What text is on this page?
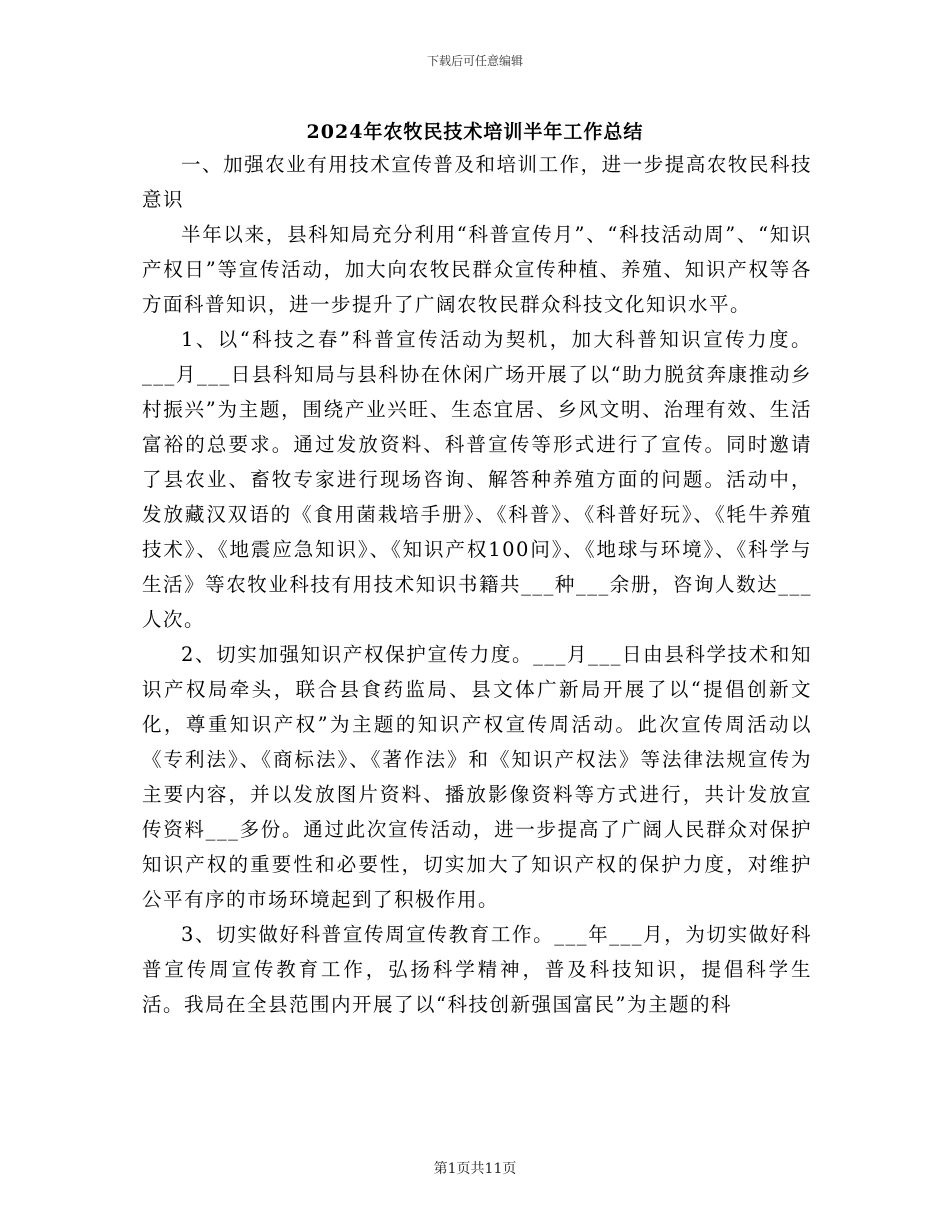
下载后可任意编辑
2024年农牧民技术培训半年工作总结

一、加强农业有用技术宣传普及和培训工作，进一步提高农牧民科技意识

半年以来，县科知局充分利用“科普宣传月”、“科技活动周”、“知识产权日”等宣传活动，加大向农牧民群众宣传种植、养殖、知识产权等各方面科普知识，进一步提升了广阔农牧民群众科技文化知识水平。

1、以“科技之春”科普宣传活动为契机，加大科普知识宣传力度。___月___日县科知局与县科协在休闲广场开展了以“助力脱贫奔康推动乡村振兴”为主题，围绕产业兴旺、生态宜居、乡风文明、治理有效、生活富裕的总要求。通过发放资料、科普宣传等形式进行了宣传。同时邀请了县农业、畜牧专家进行现场咨询、解答种养殖方面的问题。活动中，发放藏汉双语的《食用菌栽培手册》、《科普》、《科普好玩》、《牦牛养殖技术》、《地震应急知识》、《知识产权100问》、《地球与环境》、《科学与生活》等农牧业科技有用技术知识书籍共___种___余册，咨询人数达___人次。

2、切实加强知识产权保护宣传力度。___月___日由县科学技术和知识产权局牵头，联合县食药监局、县文体广新局开展了以“提倡创新文化，尊重知识产权”为主题的知识产权宣传周活动。此次宣传周活动以《专利法》、《商标法》、《著作法》和《知识产权法》等法律法规宣传为主要内容，并以发放图片资料、播放影像资料等方式进行，共计发放宣传资料___多份。通过此次宣传活动，进一步提高了广阔人民群众对保护知识产权的重要性和必要性，切实加大了知识产权的保护力度，对维护公平有序的市场环境起到了积极作用。

3、切实做好科普宣传周宣传教育工作。___年___月，为切实做好科普宣传周宣传教育工作，弘扬科学精神，普及科技知识，提倡科学生活。我局在全县范围内开展了以“科技创新强国富民”为主题的科

第1页共11页
